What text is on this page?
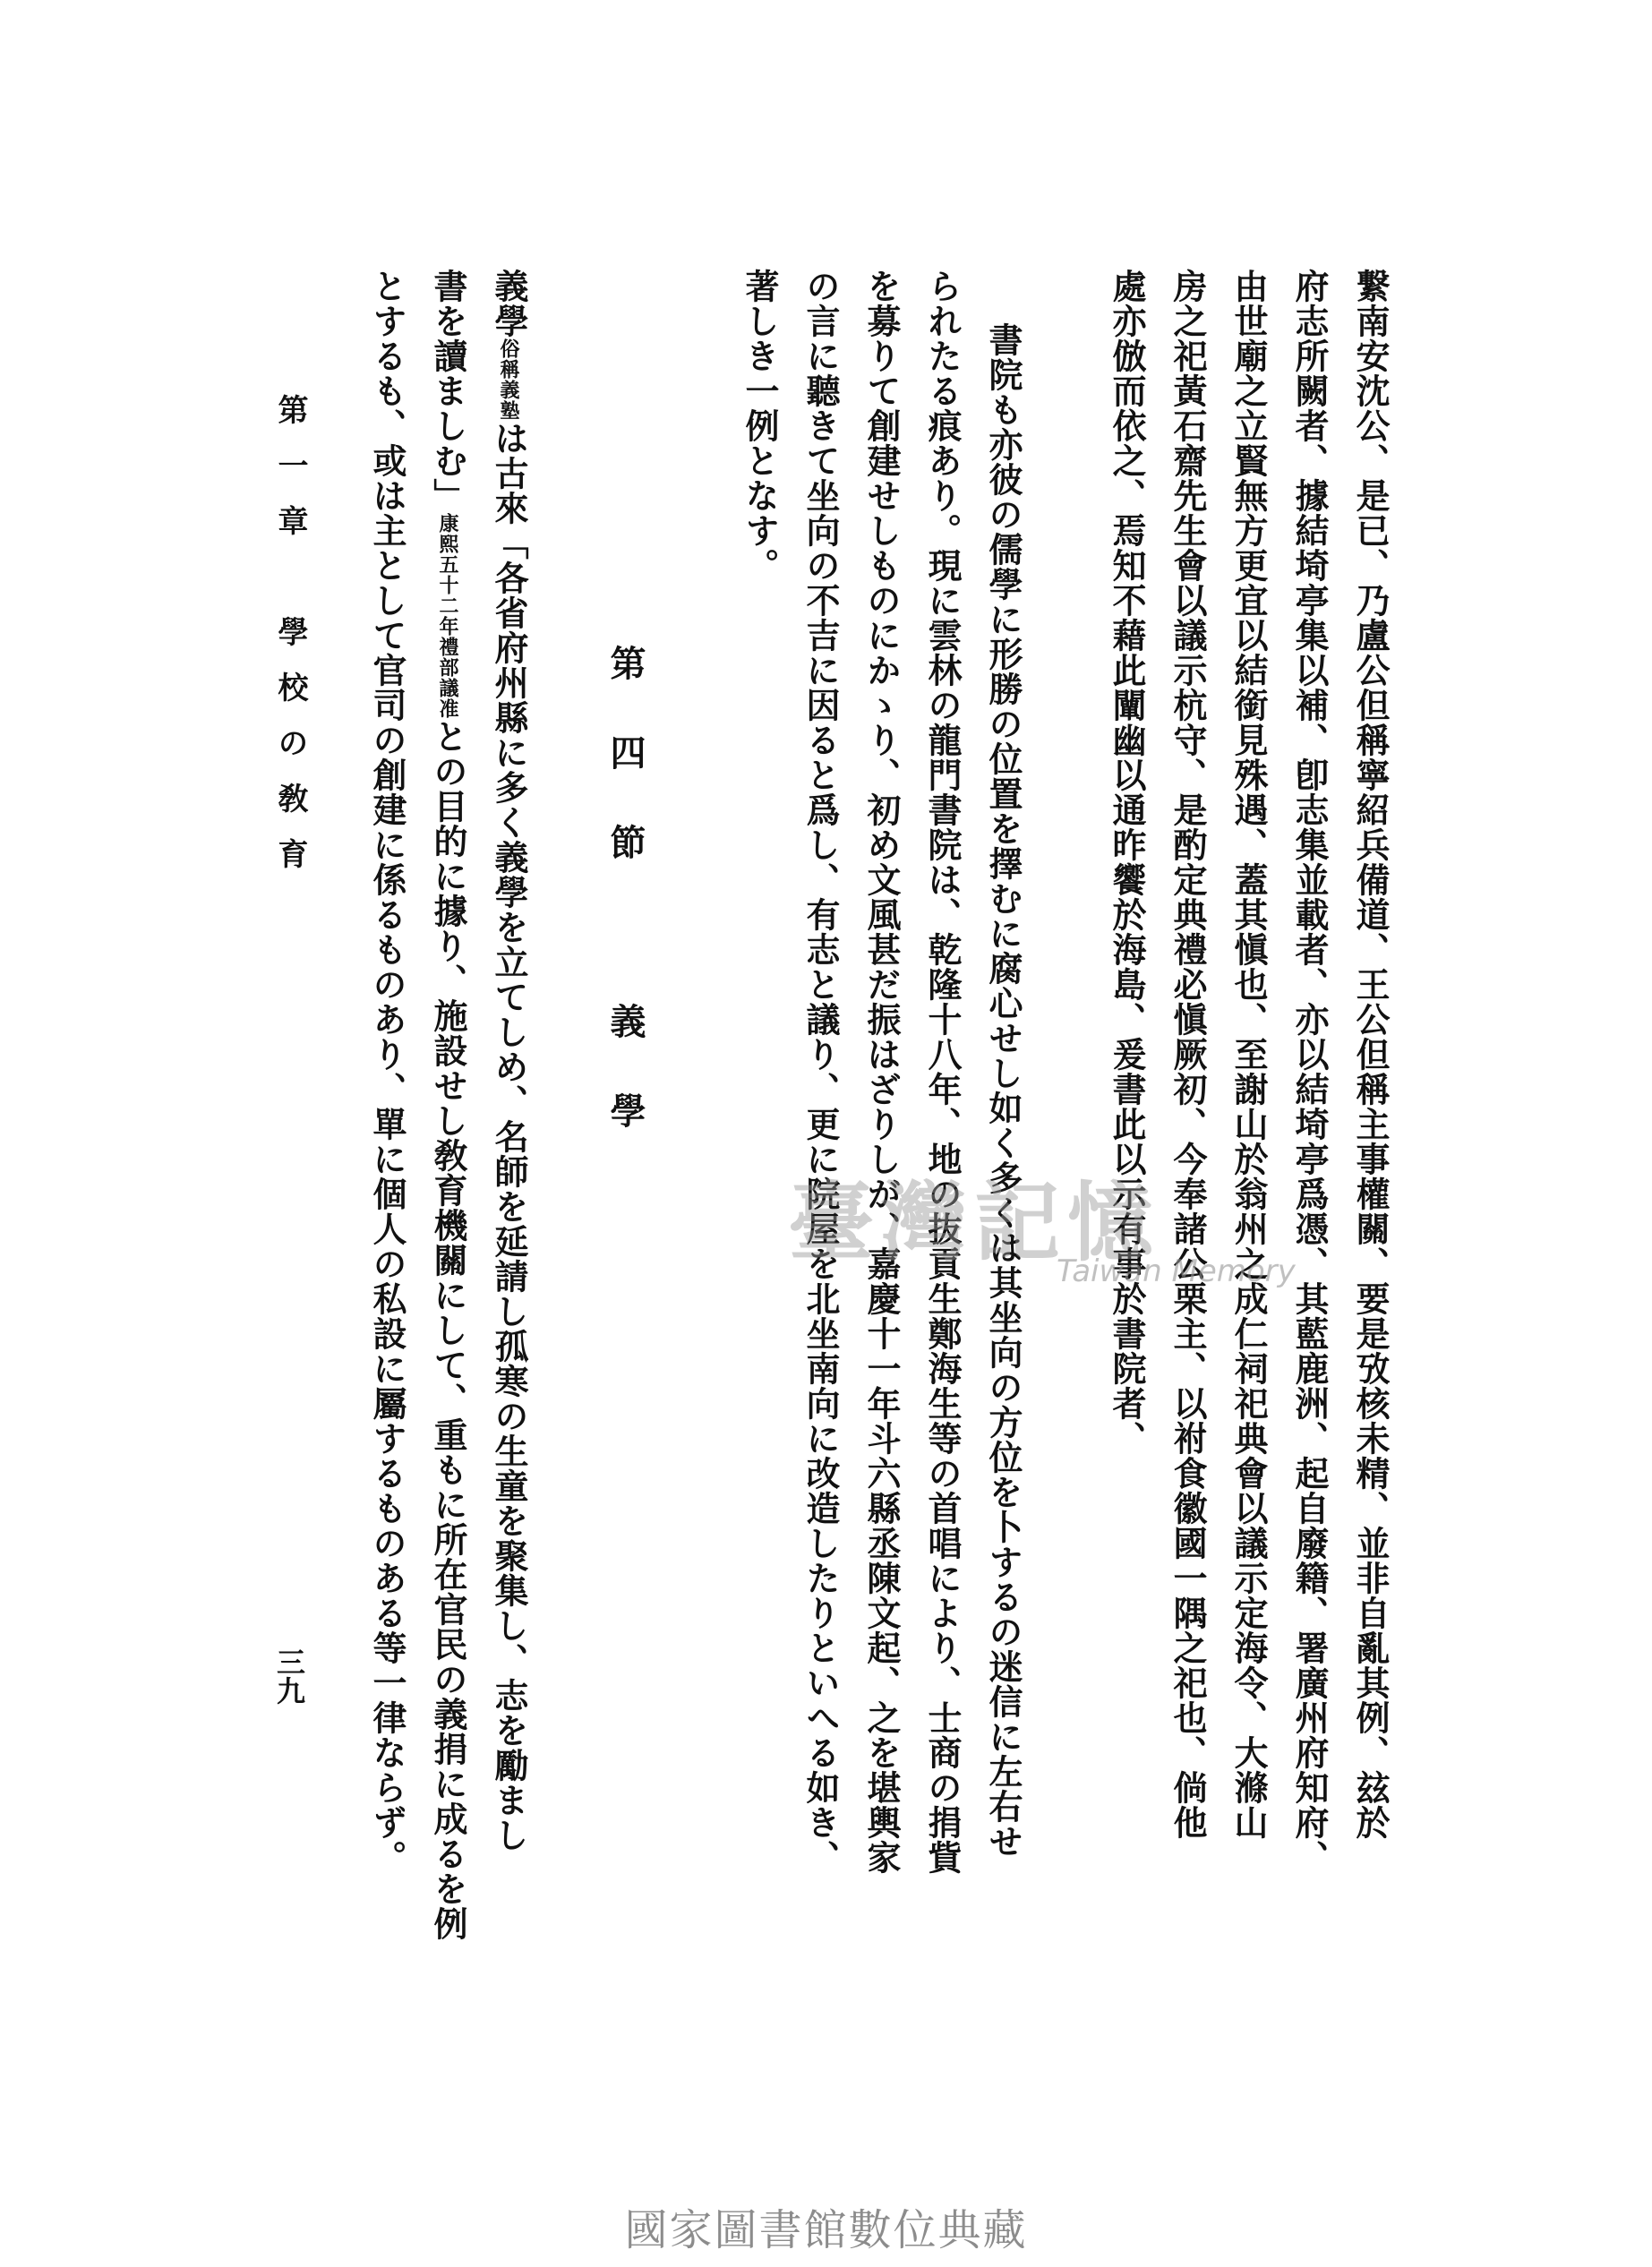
繋南安沈公、是已、乃盧公但稱寧紹兵備道、王公但稱主事權關、要是攷核未精、並非自亂其例、玆於
府志所闕者、據結埼亭集以補、卽志集並載者、亦以結埼亭爲憑、其藍鹿洲、起自廢籍、署廣州府知府、
由世廟之立賢無方更宜以結銜見殊遇、蓋其愼也、至謝山於翁州之成仁祠祀典會以議示定海令、大滌山
房之祀黃石齋先生會以議示杭守、是酌定典禮必愼厥初、今奉諸公栗主、以祔食徽國一隅之祀也、倘他
處亦倣而依之、焉知不藉此闡幽以通昨饗於海島、爰書此以示有事於書院者、
書院も亦彼の儒學に形勝の位置を擇むに腐心せし如く多くは其坐向の方位を卜するの迷信に左右せ
られたる痕あり。現に雲林の龍門書院は、乾隆十八年、地の抜貢生鄭海生等の首唱により、士商の捐貲
を募りて創建せしものにかゝり、初め文風甚だ振はざりしが、嘉慶十一年斗六縣丞陳文起、之を堪輿家
の言に聽きて坐向の不吉に因ると爲し、有志と議り、更に院屋を北坐南向に改造したりといへる如き、
著しき一例となす。
第四節　義學
義學俗稱義塾は古來「各省府州縣に多く義學を立てしめ、名師を延請し孤寒の生童を聚集し、志を勵まし
書を讀ましむ」康熙五十二年禮部議准との目的に據り、施設せし敎育機關にして、重もに所在官民の義捐に成るを例
とするも、或は主として官司の創建に係るものあり、單に個人の私設に屬するものある等一律ならず。
第一章　學校の敎育
三九
臺灣記憶
Taiwan Memory
國家圖書館數位典藏
